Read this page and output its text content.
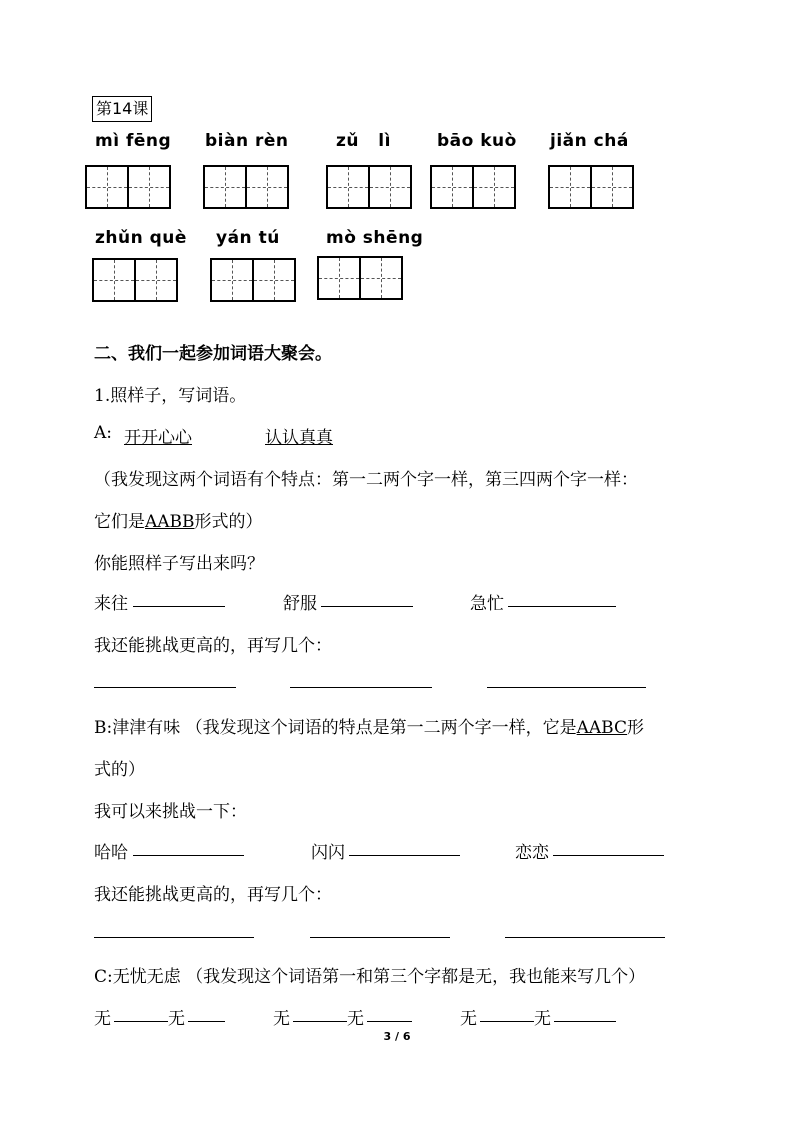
第14课
mì fēng biàn rèn	zǔ   lì	bāo kuò jiǎn chá
zhǔn què yán tú	mò shēng
二、我们一起参加词语大聚会。
1.照样子，写词语。
A: 开开心心	认认真真
（我发现这两个词语有个特点：第一二两个字一样，第三四两个字一样：
它们是AABB形式的）
你能照样子写出来吗？
来往	舒服	急忙
我还能挑战更高的，再写几个：
B:津津有味 （我发现这个词语的特点是第一二两个字一样，它是AABC形
式的）
我可以来挑战一下：
哈哈	闪闪	恋恋
我还能挑战更高的，再写几个：
C:无忧无虑 （我发现这个词语第一和第三个字都是无，我也能来写几个）
无	无	无	无	无	无
3 / 6
